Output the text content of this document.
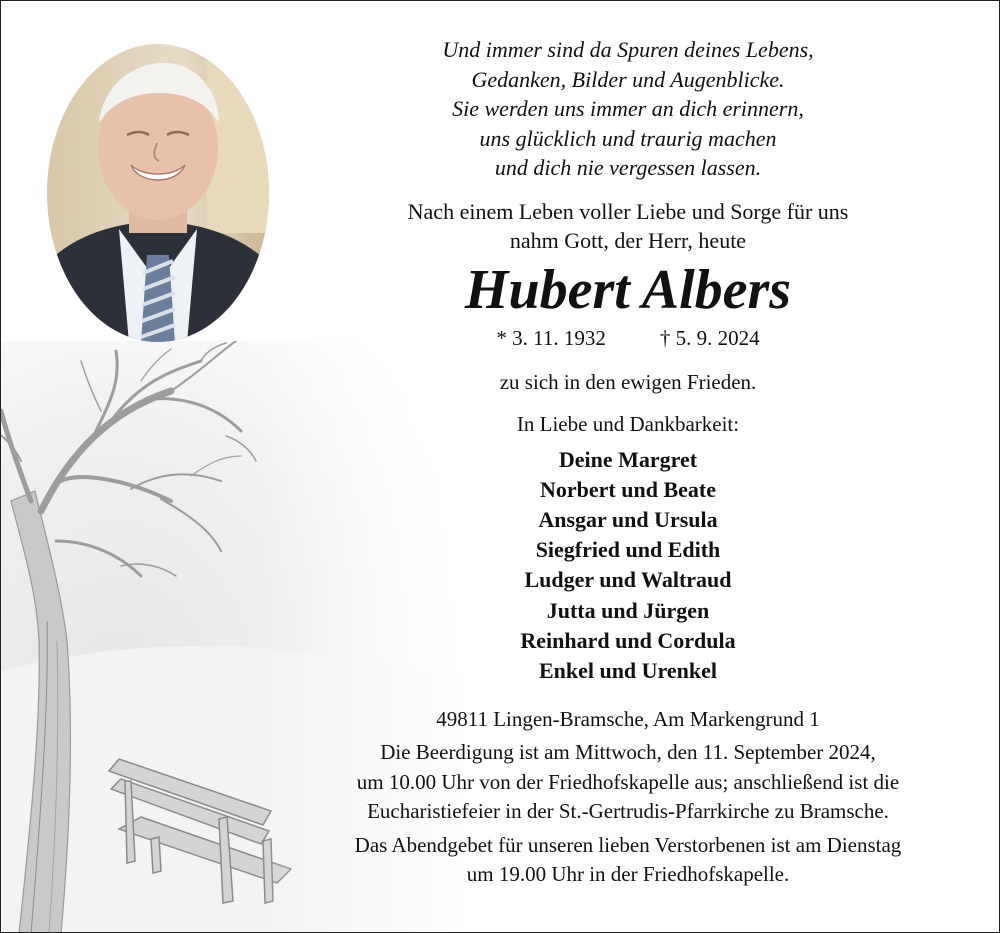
Und immer sind da Spuren deines Lebens,
Gedanken, Bilder und Augenblicke.
Sie werden uns immer an dich erinnern,
uns glücklich und traurig machen
und dich nie vergessen lassen.
Nach einem Leben voller Liebe und Sorge für uns
nahm Gott, der Herr, heute
Hubert Albers
* 3. 11. 1932	† 5. 9. 2024
zu sich in den ewigen Frieden.
In Liebe und Dankbarkeit:
Deine Margret
Norbert und Beate
Ansgar und Ursula
Siegfried und Edith
Ludger und Waltraud
Jutta und Jürgen
Reinhard und Cordula
Enkel und Urenkel
49811 Lingen-Bramsche, Am Markengrund 1
Die Beerdigung ist am Mittwoch, den 11. September 2024,
um 10.00 Uhr von der Friedhofskapelle aus; anschließend ist die
Eucharistiefeier in der St.-Gertrudis-Pfarrkirche zu Bramsche.
Das Abendgebet für unseren lieben Verstorbenen ist am Dienstag
um 19.00 Uhr in der Friedhofskapelle.
